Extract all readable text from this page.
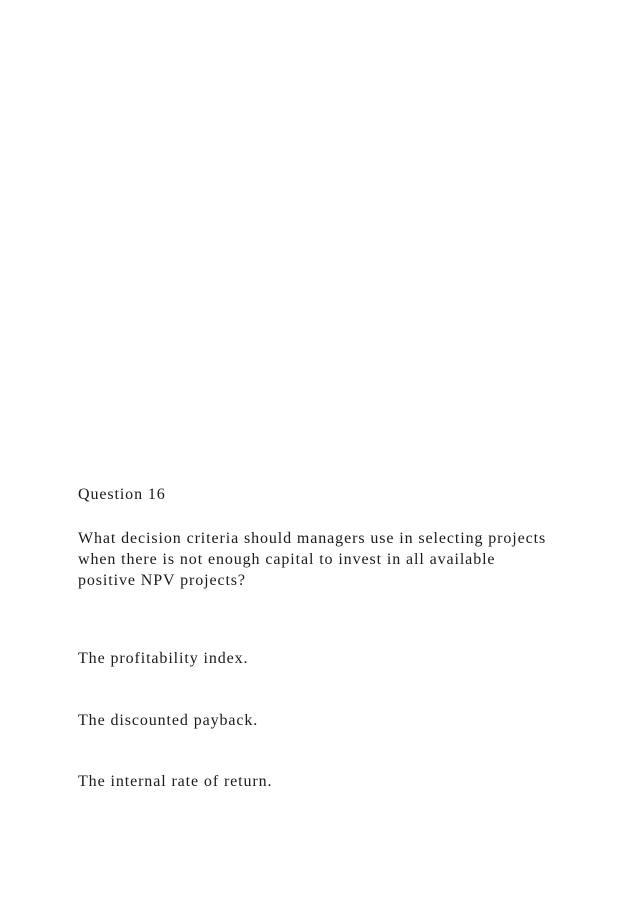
Question 16

What decision criteria should managers use in selecting projects
when there is not enough capital to invest in all available
positive NPV projects?

The profitability index.

The discounted payback.

The internal rate of return.
